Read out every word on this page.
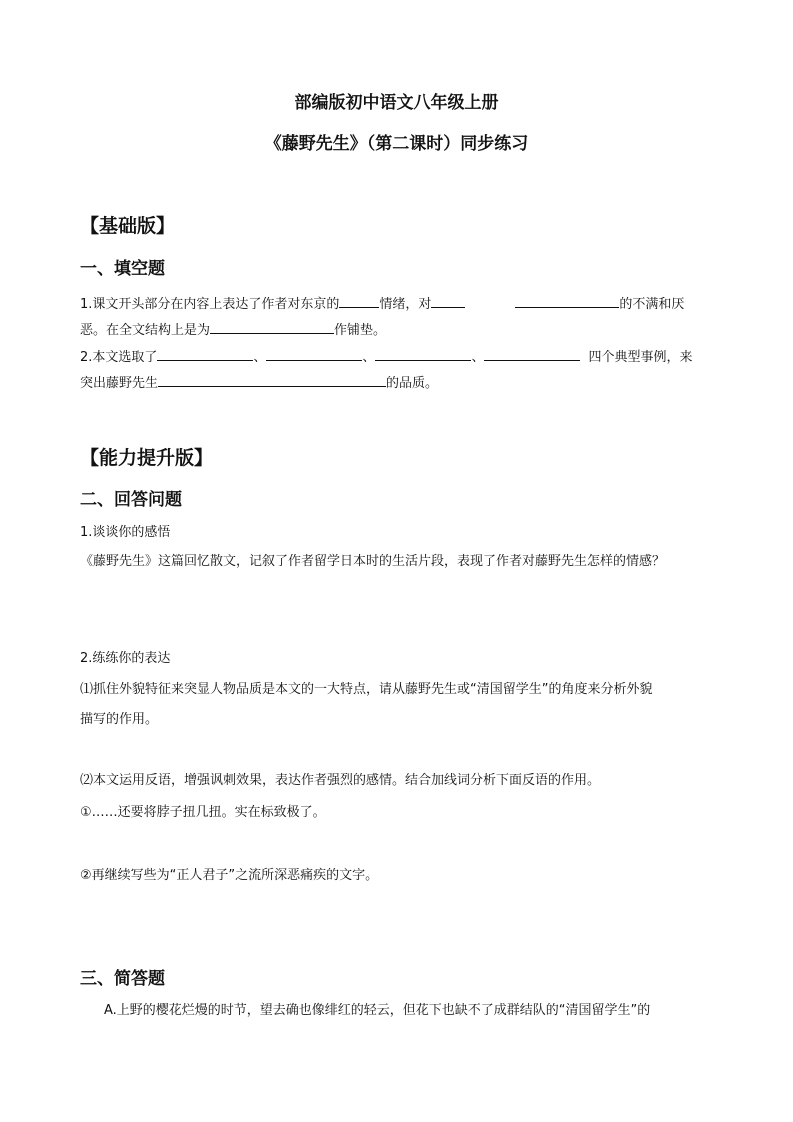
部编版初中语文八年级上册
《藤野先生》（第二课时）同步练习
【基础版】
一、填空题
1.课文开头部分在内容上表达了作者对东京的	情绪，对	的不满和厌
恶。在全文结构上是为	作铺垫。
2.本文选取了	、	、	、	四个典型事例，来
突出藤野先生	的品质。
【能力提升版】
二、回答问题
1.谈谈你的感悟
《藤野先生》这篇回忆散文，记叙了作者留学日本时的生活片段，表现了作者对藤野先生怎样的情感？
2.练练你的表达
⑴抓住外貌特征来突显人物品质是本文的一大特点，请从藤野先生或“清国留学生”的角度来分析外貌
描写的作用。
⑵本文运用反语，增强讽刺效果，表达作者强烈的感情。结合加线词分析下面反语的作用。
①……还要将脖子扭几扭。实在标致极了。
②再继续写些为“正人君子”之流所深恶痛疾的文字。
三、简答题
A.上野的樱花烂熳的时节，望去确也像绯红的轻云，但花下也缺不了成群结队的“清国留学生”的
